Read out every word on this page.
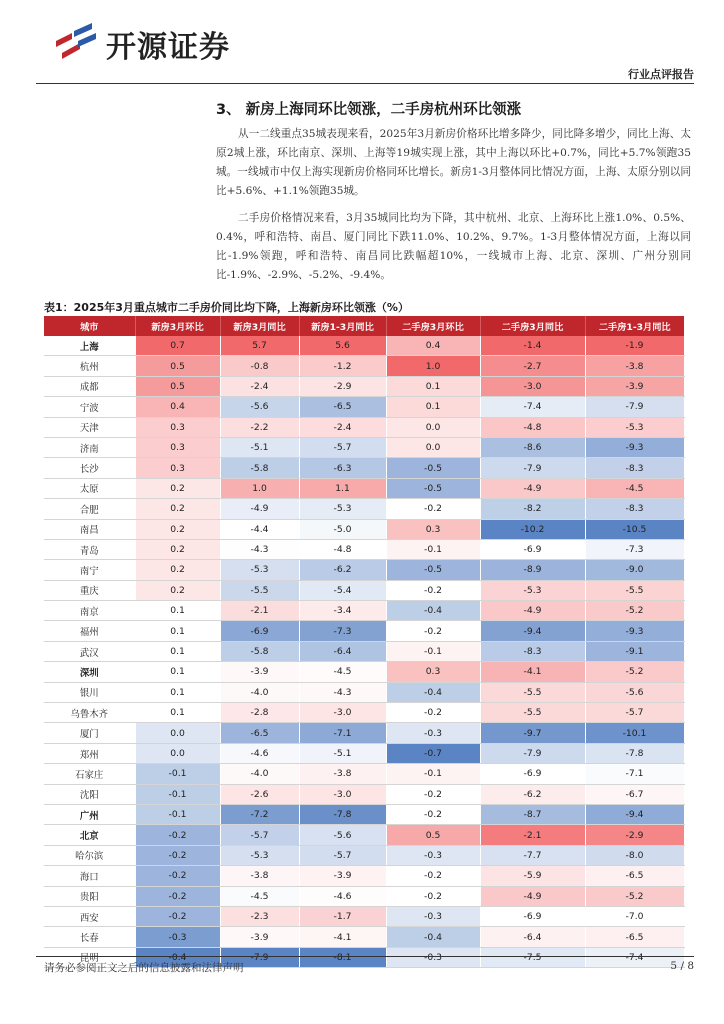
开源证券
行业点评报告
3、 新房上海同环比领涨，二手房杭州环比领涨

从一二线重点35城表现来看，2025年3月新房价格环比增多降少，同比降多增少，同比上海、太原2城上涨，环比南京、深圳、上海等19城实现上涨，其中上海以环比+0.7%，同比+5.7%领跑35城。一线城市中仅上海实现新房价格同环比增长。新房1-3月整体同比情况方面，上海、太原分别以同比+5.6%、+1.1%领跑35城。

二手房价格情况来看，3月35城同比均为下降，其中杭州、北京、上海环比上涨1.0%、0.5%、0.4%，呼和浩特、南昌、厦门同比下跌11.0%、10.2%、9.7%。1-3月整体情况方面，上海以同比-1.9%领跑，呼和浩特、南昌同比跌幅超10%，一线城市上海、北京、深圳、广州分别同比-1.9%、-2.9%、-5.2%、-9.4%。

表1：2025年3月重点城市二手房价同比均下降，上海新房环比领涨（%）
城市	新房3月环比	新房3月同比	新房1-3月同比	二手房3月环比	二手房3月同比	二手房1-3月同比
上海	0.7	5.7	5.6	0.4	-1.4	-1.9
杭州	0.5	-0.8	-1.2	1.0	-2.7	-3.8
成都	0.5	-2.4	-2.9	0.1	-3.0	-3.9
宁波	0.4	-5.6	-6.5	0.1	-7.4	-7.9
天津	0.3	-2.2	-2.4	0.0	-4.8	-5.3
济南	0.3	-5.1	-5.7	0.0	-8.6	-9.3
长沙	0.3	-5.8	-6.3	-0.5	-7.9	-8.3
太原	0.2	1.0	1.1	-0.5	-4.9	-4.5
合肥	0.2	-4.9	-5.3	-0.2	-8.2	-8.3
南昌	0.2	-4.4	-5.0	0.3	-10.2	-10.5
青岛	0.2	-4.3	-4.8	-0.1	-6.9	-7.3
南宁	0.2	-5.3	-6.2	-0.5	-8.9	-9.0
重庆	0.2	-5.5	-5.4	-0.2	-5.3	-5.5
南京	0.1	-2.1	-3.4	-0.4	-4.9	-5.2
福州	0.1	-6.9	-7.3	-0.2	-9.4	-9.3
武汉	0.1	-5.8	-6.4	-0.1	-8.3	-9.1
深圳	0.1	-3.9	-4.5	0.3	-4.1	-5.2
银川	0.1	-4.0	-4.3	-0.4	-5.5	-5.6
乌鲁木齐	0.1	-2.8	-3.0	-0.2	-5.5	-5.7
厦门	0.0	-6.5	-7.1	-0.3	-9.7	-10.1
郑州	0.0	-4.6	-5.1	-0.7	-7.9	-7.8
石家庄	-0.1	-4.0	-3.8	-0.1	-6.9	-7.1
沈阳	-0.1	-2.6	-3.0	-0.2	-6.2	-6.7
广州	-0.1	-7.2	-7.8	-0.2	-8.7	-9.4
北京	-0.2	-5.7	-5.6	0.5	-2.1	-2.9
哈尔滨	-0.2	-5.3	-5.7	-0.3	-7.7	-8.0
海口	-0.2	-3.8	-3.9	-0.2	-5.9	-6.5
贵阳	-0.2	-4.5	-4.6	-0.2	-4.9	-5.2
西安	-0.2	-2.3	-1.7	-0.3	-6.9	-7.0
长春	-0.3	-3.9	-4.1	-0.4	-6.4	-6.5
昆明	-0.4	-7.9	-8.1	-0.3	-7.5	-7.4
请务必参阅正文之后的信息披露和法律声明	5 / 8
